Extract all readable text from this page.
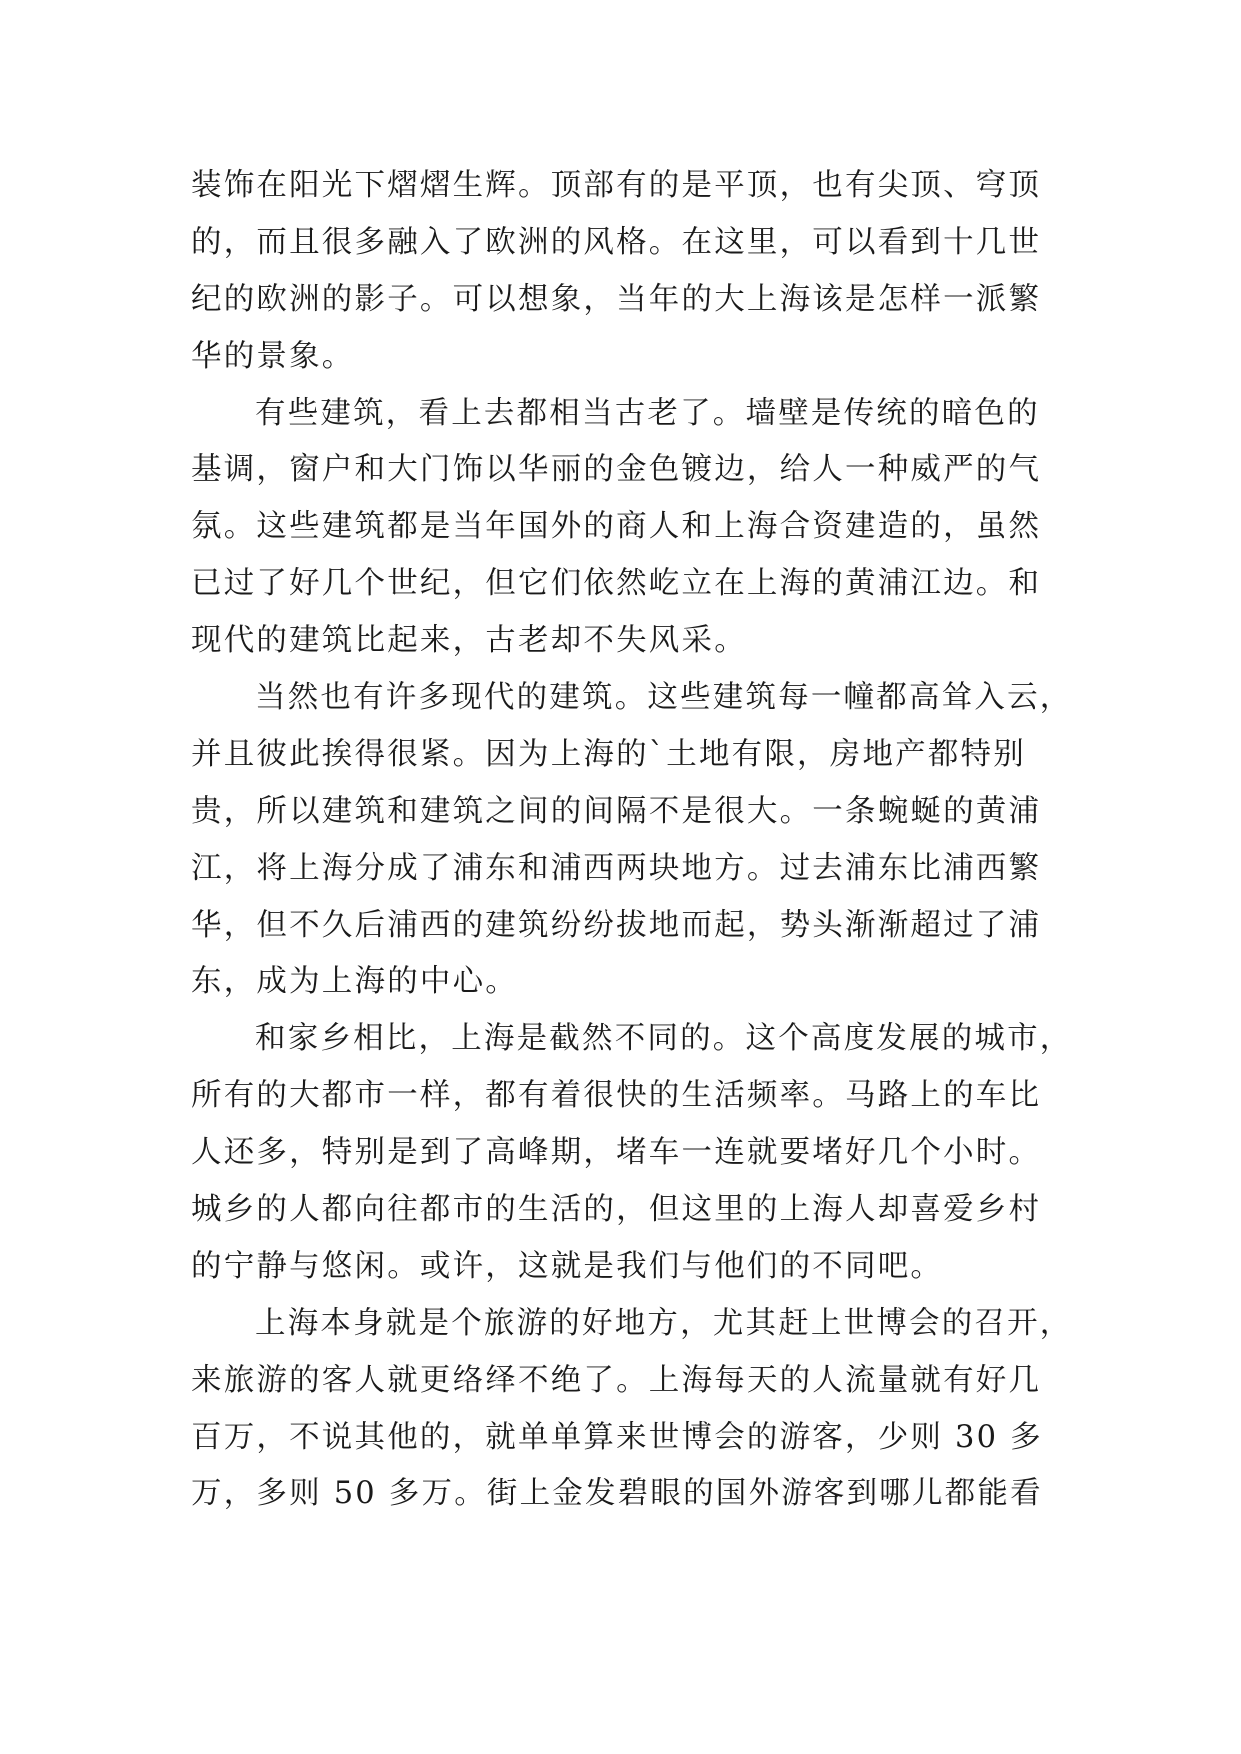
装饰在阳光下熠熠生辉。顶部有的是平顶，也有尖顶、穹顶
的，而且很多融入了欧洲的风格。在这里，可以看到十几世
纪的欧洲的影子。可以想象，当年的大上海该是怎样一派繁
华的景象。
有些建筑，看上去都相当古老了。墙壁是传统的暗色的
基调，窗户和大门饰以华丽的金色镀边，给人一种威严的气
氛。这些建筑都是当年国外的商人和上海合资建造的，虽然
已过了好几个世纪，但它们依然屹立在上海的黄浦江边。和
现代的建筑比起来，古老却不失风采。
当然也有许多现代的建筑。这些建筑每一幢都高耸入云，
并且彼此挨得很紧。因为上海的`土地有限，房地产都特别
贵，所以建筑和建筑之间的间隔不是很大。一条蜿蜒的黄浦
江，将上海分成了浦东和浦西两块地方。过去浦东比浦西繁
华，但不久后浦西的建筑纷纷拔地而起，势头渐渐超过了浦
东，成为上海的中心。
和家乡相比，上海是截然不同的。这个高度发展的城市，
所有的大都市一样，都有着很快的生活频率。马路上的车比
人还多，特别是到了高峰期，堵车一连就要堵好几个小时。
城乡的人都向往都市的生活的，但这里的上海人却喜爱乡村
的宁静与悠闲。或许，这就是我们与他们的不同吧。
上海本身就是个旅游的好地方，尤其赶上世博会的召开，
来旅游的客人就更络绎不绝了。上海每天的人流量就有好几
百万，不说其他的，就单单算来世博会的游客，少则 30 多
万，多则 50 多万。街上金发碧眼的国外游客到哪儿都能看
